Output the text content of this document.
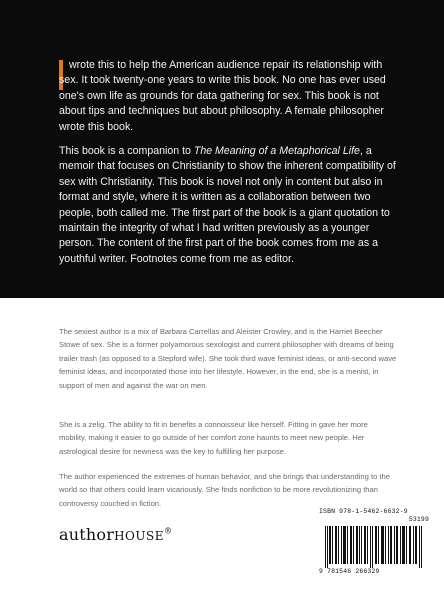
wrote this to help the American audience repair its relationship with sex. It took twenty-one years to write this book. No one has ever used one's own life as grounds for data gathering for sex. This book is not about tips and techniques but about philosophy. A female philosopher wrote this book.

This book is a companion to The Meaning of a Metaphorical Life, a memoir that focuses on Christianity to show the inherent compatibility of sex with Christianity. This book is novel not only in content but also in format and style, where it is written as a collaboration between two people, both called me. The first part of the book is a giant quotation to maintain the integrity of what I had written previously as a younger person. The content of the first part of the book comes from me as a youthful writer. Footnotes come from me as editor.

The sexiest author is a mix of Barbara Carrellas and Aleister Crowley, and is the Harriet Beecher Stowe of sex. She is a former polyamorous sexologist and current philosopher with dreams of being trailer trash (as opposed to a Stepford wife). She took third wave feminist ideas, or anti-second wave feminist ideas, and incorporated those into her lifestyle. However, in the end, she is a menist, in support of men and against the war on men.

She is a zelig. The ability to fit in benefits a connoisseur like herself. Fitting in gave her more mobility, making it easier to go outside of her comfort zone haunts to meet new people. Her astrological desire for newness was the key to fulfilling her purpose.

The author experienced the extremes of human behavior, and she brings that understanding to the world so that others could learn vicariously. She finds nonfiction to be more revolutionizing than controversy couched in fiction.

authorHOUSE®

ISBN 978-1-5462-6632-9

53199

9 781546 266329
